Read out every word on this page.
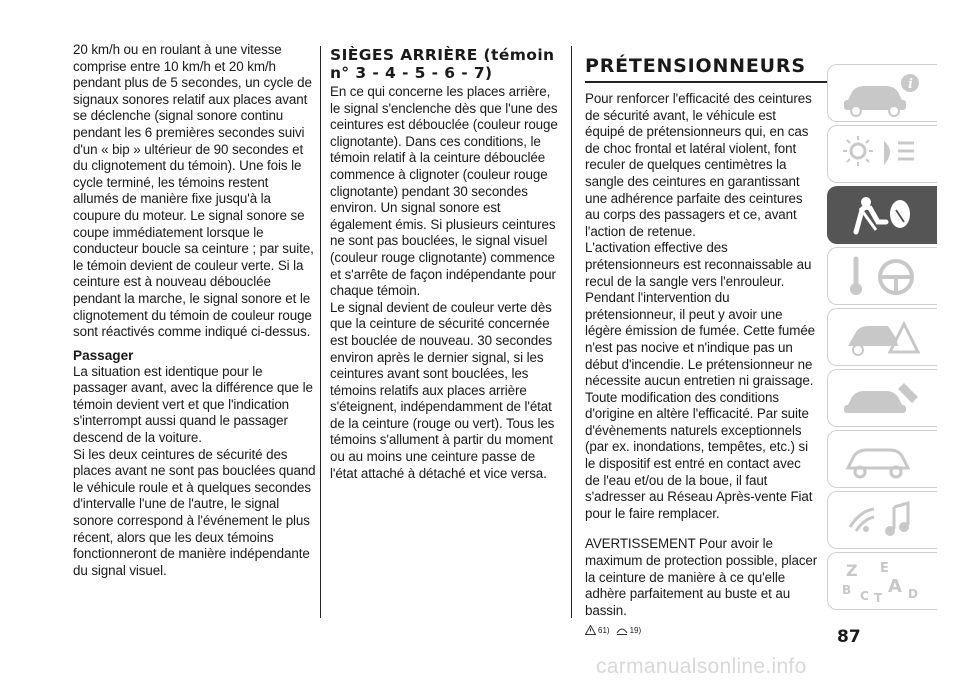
20 km/h ou en roulant à une vitesse comprise entre 10 km/h et 20 km/h pendant plus de 5 secondes, un cycle de signaux sonores relatif aux places avant se déclenche (signal sonore continu pendant les 6 premières secondes suivi d'un « bip » ultérieur de 90 secondes et du clignotement du témoin). Une fois le cycle terminé, les témoins restent allumés de manière fixe jusqu'à la coupure du moteur. Le signal sonore se coupe immédiatement lorsque le conducteur boucle sa ceinture ; par suite, le témoin devient de couleur verte. Si la ceinture est à nouveau débouclée pendant la marche, le signal sonore et le clignotement du témoin de couleur rouge sont réactivés comme indiqué ci-dessus.

Passager

La situation est identique pour le passager avant, avec la différence que le témoin devient vert et que l'indication s'interrompt aussi quand le passager descend de la voiture.

Si les deux ceintures de sécurité des places avant ne sont pas bouclées quand le véhicule roule et à quelques secondes d'intervalle l'une de l'autre, le signal sonore correspond à l'événement le plus récent, alors que les deux témoins fonctionneront de manière indépendante du signal visuel.

SIÈGES ARRIÈRE (témoin n° 3 - 4 - 5 - 6 - 7)

En ce qui concerne les places arrière, le signal s'enclenche dès que l'une des ceintures est débouclée (couleur rouge clignotante). Dans ces conditions, le témoin relatif à la ceinture débouclée commence à clignoter (couleur rouge clignotante) pendant 30 secondes environ. Un signal sonore est également émis. Si plusieurs ceintures ne sont pas bouclées, le signal visuel (couleur rouge clignotante) commence et s'arrête de façon indépendante pour chaque témoin.

Le signal devient de couleur verte dès que la ceinture de sécurité concernée est bouclée de nouveau. 30 secondes environ après le dernier signal, si les ceintures avant sont bouclées, les témoins relatifs aux places arrière s'éteignent, indépendamment de l'état de la ceinture (rouge ou vert). Tous les témoins s'allument à partir du moment ou au moins une ceinture passe de l'état attaché à détaché et vice versa.

PRÉTENSIONNEURS

Pour renforcer l'efficacité des ceintures de sécurité avant, le véhicule est équipé de prétensionneurs qui, en cas de choc frontal et latéral violent, font reculer de quelques centimètres la sangle des ceintures en garantissant une adhérence parfaite des ceintures au corps des passagers et ce, avant l'action de retenue.

L'activation effective des prétensionneurs est reconnaissable au recul de la sangle vers l'enrouleur.

Pendant l'intervention du prétensionneur, il peut y avoir une légère émission de fumée. Cette fumée n'est pas nocive et n'indique pas un début d'incendie. Le prétensionneur ne nécessite aucun entretien ni graissage.

Toute modification des conditions d'origine en altère l'efficacité. Par suite d'évènements naturels exceptionnels (par ex. inondations, tempêtes, etc.) si le dispositif est entré en contact avec de l'eau et/ou de la boue, il faut s'adresser au Réseau Après-vente Fiat pour le faire remplacer.

AVERTISSEMENT Pour avoir le maximum de protection possible, placer la ceinture de manière à ce qu'elle adhère parfaitement au buste et au bassin.

61)	19)	87
carmanualsonline.info
i
Z E
B A
C T D
